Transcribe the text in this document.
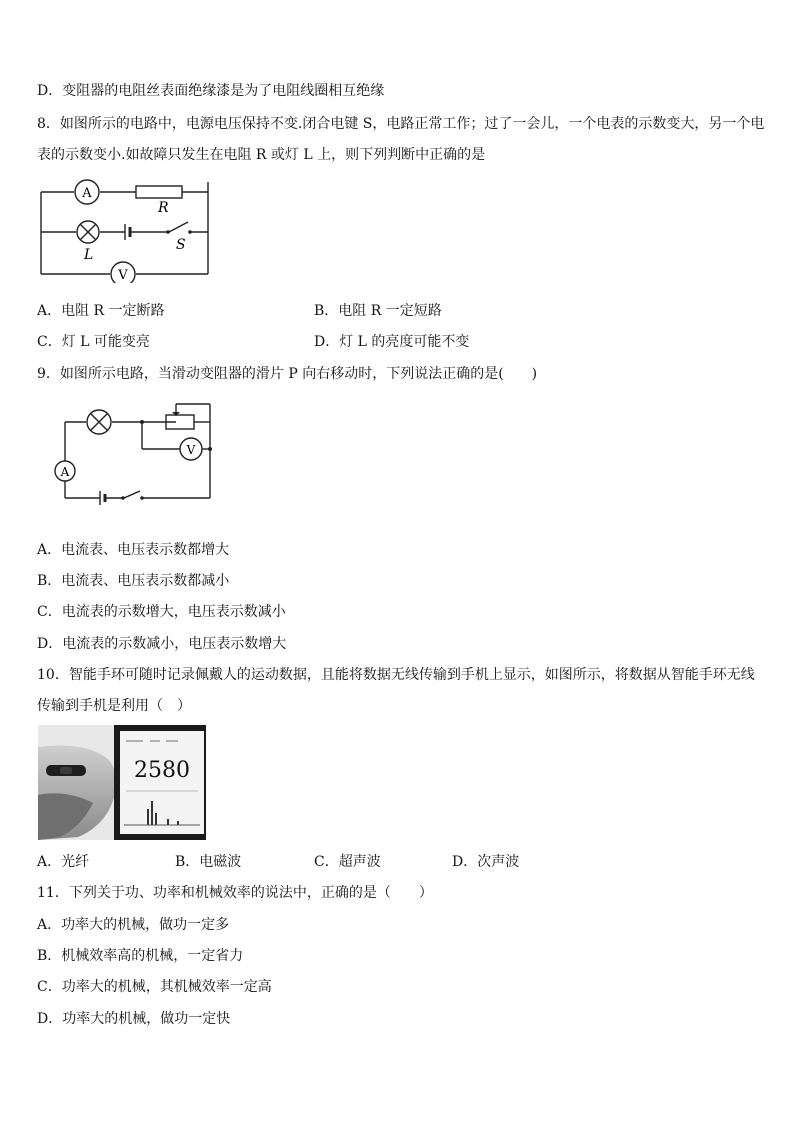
D．变阻器的电阻丝表面绝缘漆是为了电阻线圈相互绝缘
8．如图所示的电路中，电源电压保持不变.闭合电键 S，电路正常工作；过了一会儿，一个电表的示数变大，另一个电
表的示数变小.如故障只发生在电阻 R 或灯 L 上，则下列判断中正确的是
A
V
R
L
S
A．电阻 R 一定断路	B．电阻 R 一定短路
C．灯 L 可能变亮	D．灯 L 的亮度可能不变
9．如图所示电路，当滑动变阻器的滑片 P 向右移动时，下列说法正确的是(　　)
V
A
A．电流表、电压表示数都增大
B．电流表、电压表示数都减小
C．电流表的示数增大，电压表示数减小
D．电流表的示数减小，电压表示数增大
10．智能手环可随时记录佩戴人的运动数据，且能将数据无线传输到手机上显示，如图所示，将数据从智能手环无线
传输到手机是利用（　）
2580
A．光纤	B．电磁波	C．超声波	D．次声波
11．下列关于功、功率和机械效率的说法中，正确的是（　　）
A．功率大的机械，做功一定多
B．机械效率高的机械，一定省力
C．功率大的机械，其机械效率一定高
D．功率大的机械，做功一定快
